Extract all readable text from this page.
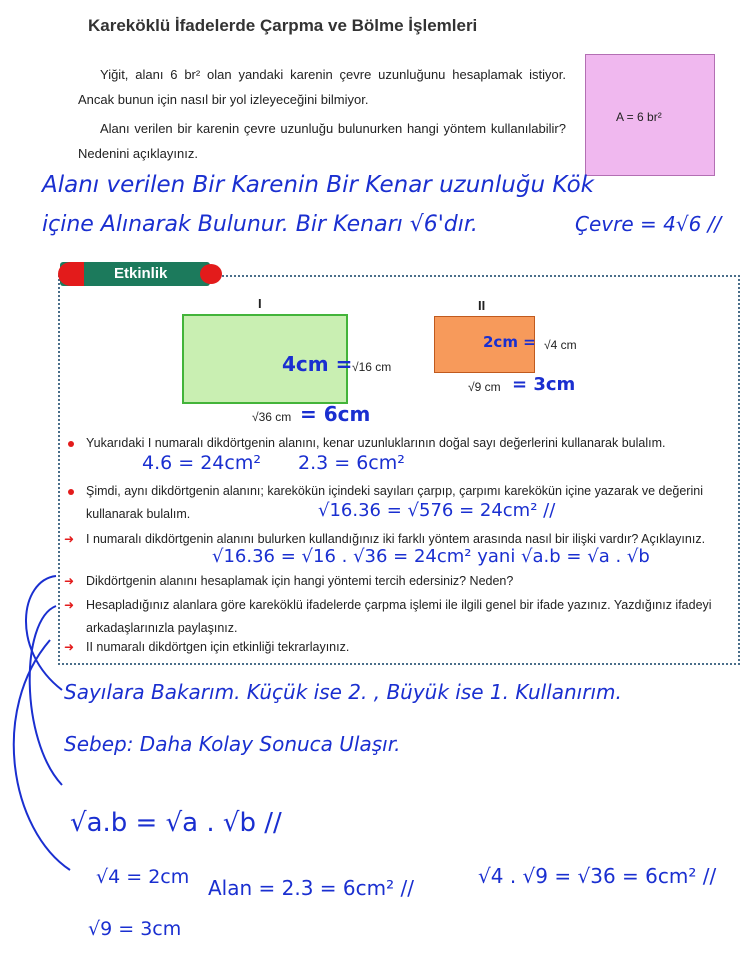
Kareköklü İfadelerde Çarpma ve Bölme İşlemleri
Yiğit, alanı 6 br² olan yandaki karenin çevre uzunluğunu hesaplamak istiyor. Ancak bunun için nasıl bir yol izleyeceğini bilmiyor.
Alanı verilen bir karenin çevre uzunluğu bulunurken hangi yöntem kullanılabilir? Nedenini açıklayınız.
A = 6 br²
Alanı verilen Bir Karenin Bir Kenar uzunluğu Kök
içine Alınarak Bulunur. Bir Kenarı √6'dır.	Çevre = 4√6 //
Etkinlik
I
4cm = √16 cm
√36 cm = 6cm
II
2cm = √4 cm
√9 cm = 3cm
Yukarıdaki I numaralı dikdörtgenin alanını, kenar uzunluklarının doğal sayı değerlerini kullanarak bulalım.
4.6 = 24cm² 2.3 = 6cm²
Şimdi, aynı dikdörtgenin alanını; karekökün içindeki sayıları çarpıp, çarpımı karekökün içine yazarak ve değerini kullanarak bulalım.	√16.36 = √576 = 24cm² //
➜ I numaralı dikdörtgenin alanını bulurken kullandığınız iki farklı yöntem arasında nasıl bir ilişki vardır? Açıklayınız.
√16.36 = √16 . √36 = 24cm² yani √a.b = √a . √b
➜ Dikdörtgenin alanını hesaplamak için hangi yöntemi tercih edersiniz? Neden?
➜ Hesapladığınız alanlara göre kareköklü ifadelerde çarpma işlemi ile ilgili genel bir ifade yazınız. Yazdığınız ifadeyi arkadaşlarınızla paylaşınız.
➜ II numaralı dikdörtgen için etkinliği tekrarlayınız.
Sayılara Bakarım. Küçük ise 2. , Büyük ise 1. Kullanırım.
Sebep: Daha Kolay Sonuca Ulaşır.
√a.b = √a . √b //
√4 = 2cm
√9 = 3cm
Alan = 2.3 = 6cm² //	√4 . √9 = √36 = 6cm² //
